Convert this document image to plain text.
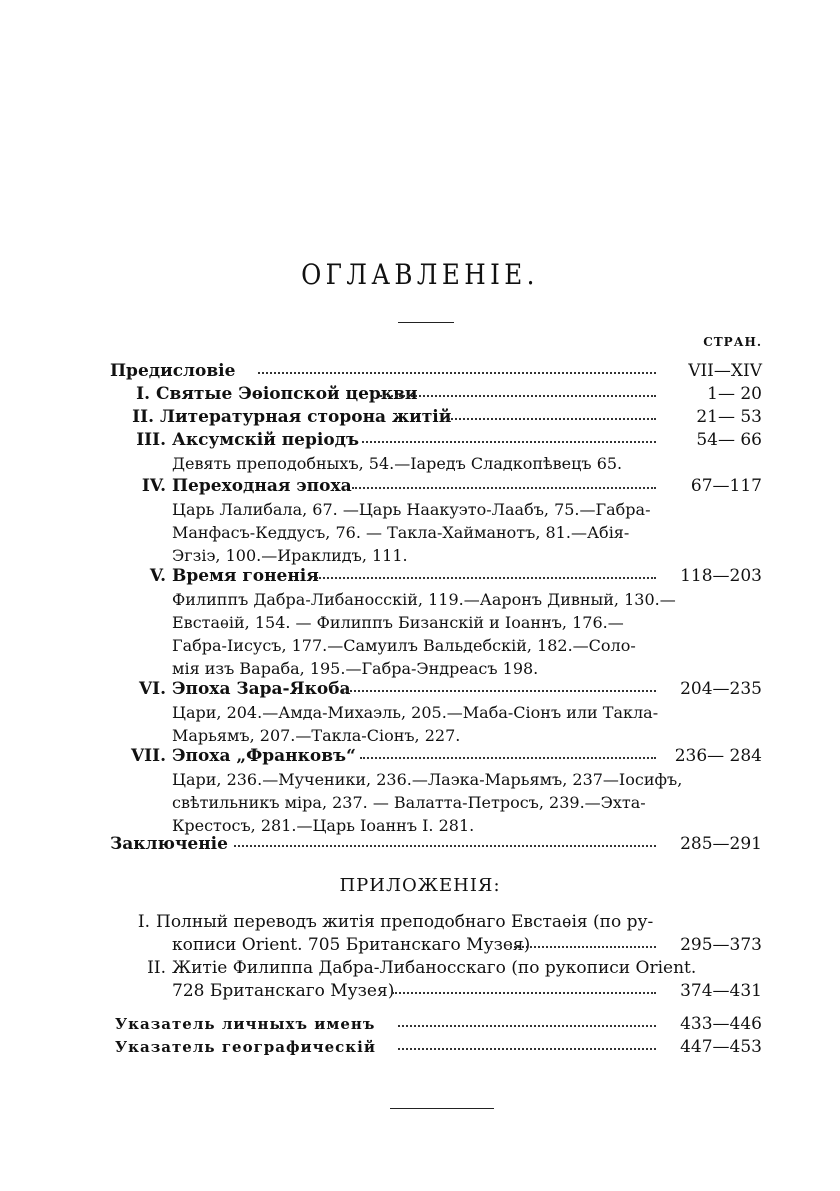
ОГЛАВЛЕНІЕ.
СТРАН.
Предисловіе	VII—XIV
I. Святые Эѳіопской церкви	1— 20
II. Литературная сторона житій	21— 53
III. Аксумскій періодъ	54— 66
Девять преподобныхъ, 54.—Іаредъ Сладкопѣвецъ 65.
IV. Переходная эпоха	67—117
Царь Лалибала, 67. —Царь Наакуэто-Лаабъ, 75.—Габра-
Манфасъ-Кеддусъ, 76. — Такла-Хайманотъ, 81.—Абія-
Эгзіэ, 100.—Ираклидъ, 111.
V. Время гоненія	118—203
Филиппъ Дабра-Либаносскій, 119.—Ааронъ Дивный, 130.—
Евстаѳій, 154. — Филиппъ Бизанскій и Іоаннъ, 176.—
Габра-Іисусъ, 177.—Самуилъ Вальдебскій, 182.—Соло-
мія изъ Вараба, 195.—Габра-Эндреасъ 198.
VI. Эпоха Зара-Якоба	204—235
Цари, 204.—Амда-Михаэль, 205.—Маба-Сіонъ или Такла-
Марьямъ, 207.—Такла-Сіонъ, 227.
VII. Эпоха „Франковъ“	236— 284
Цари, 236.—Мученики, 236.—Лаэка-Марьямъ, 237—Іосифъ,
свѣтильникъ міра, 237. — Валатта-Петросъ, 239.—Эхта-
Крестосъ, 281.—Царь Іоаннъ I. 281.
Заключеніе	285—291
ПРИЛОЖЕНІЯ:
I. Полный переводъ житія преподобнаго Евстаѳія (по ру-
кописи Orient. 705 Британскаго Музея)	295—373
II. Житіе Филиппа Дабра-Либаносскаго (по рукописи Orient.
728 Британскаго Музея)	374—431
Указатель личныхъ именъ	433—446
Указатель географическій	447—453
